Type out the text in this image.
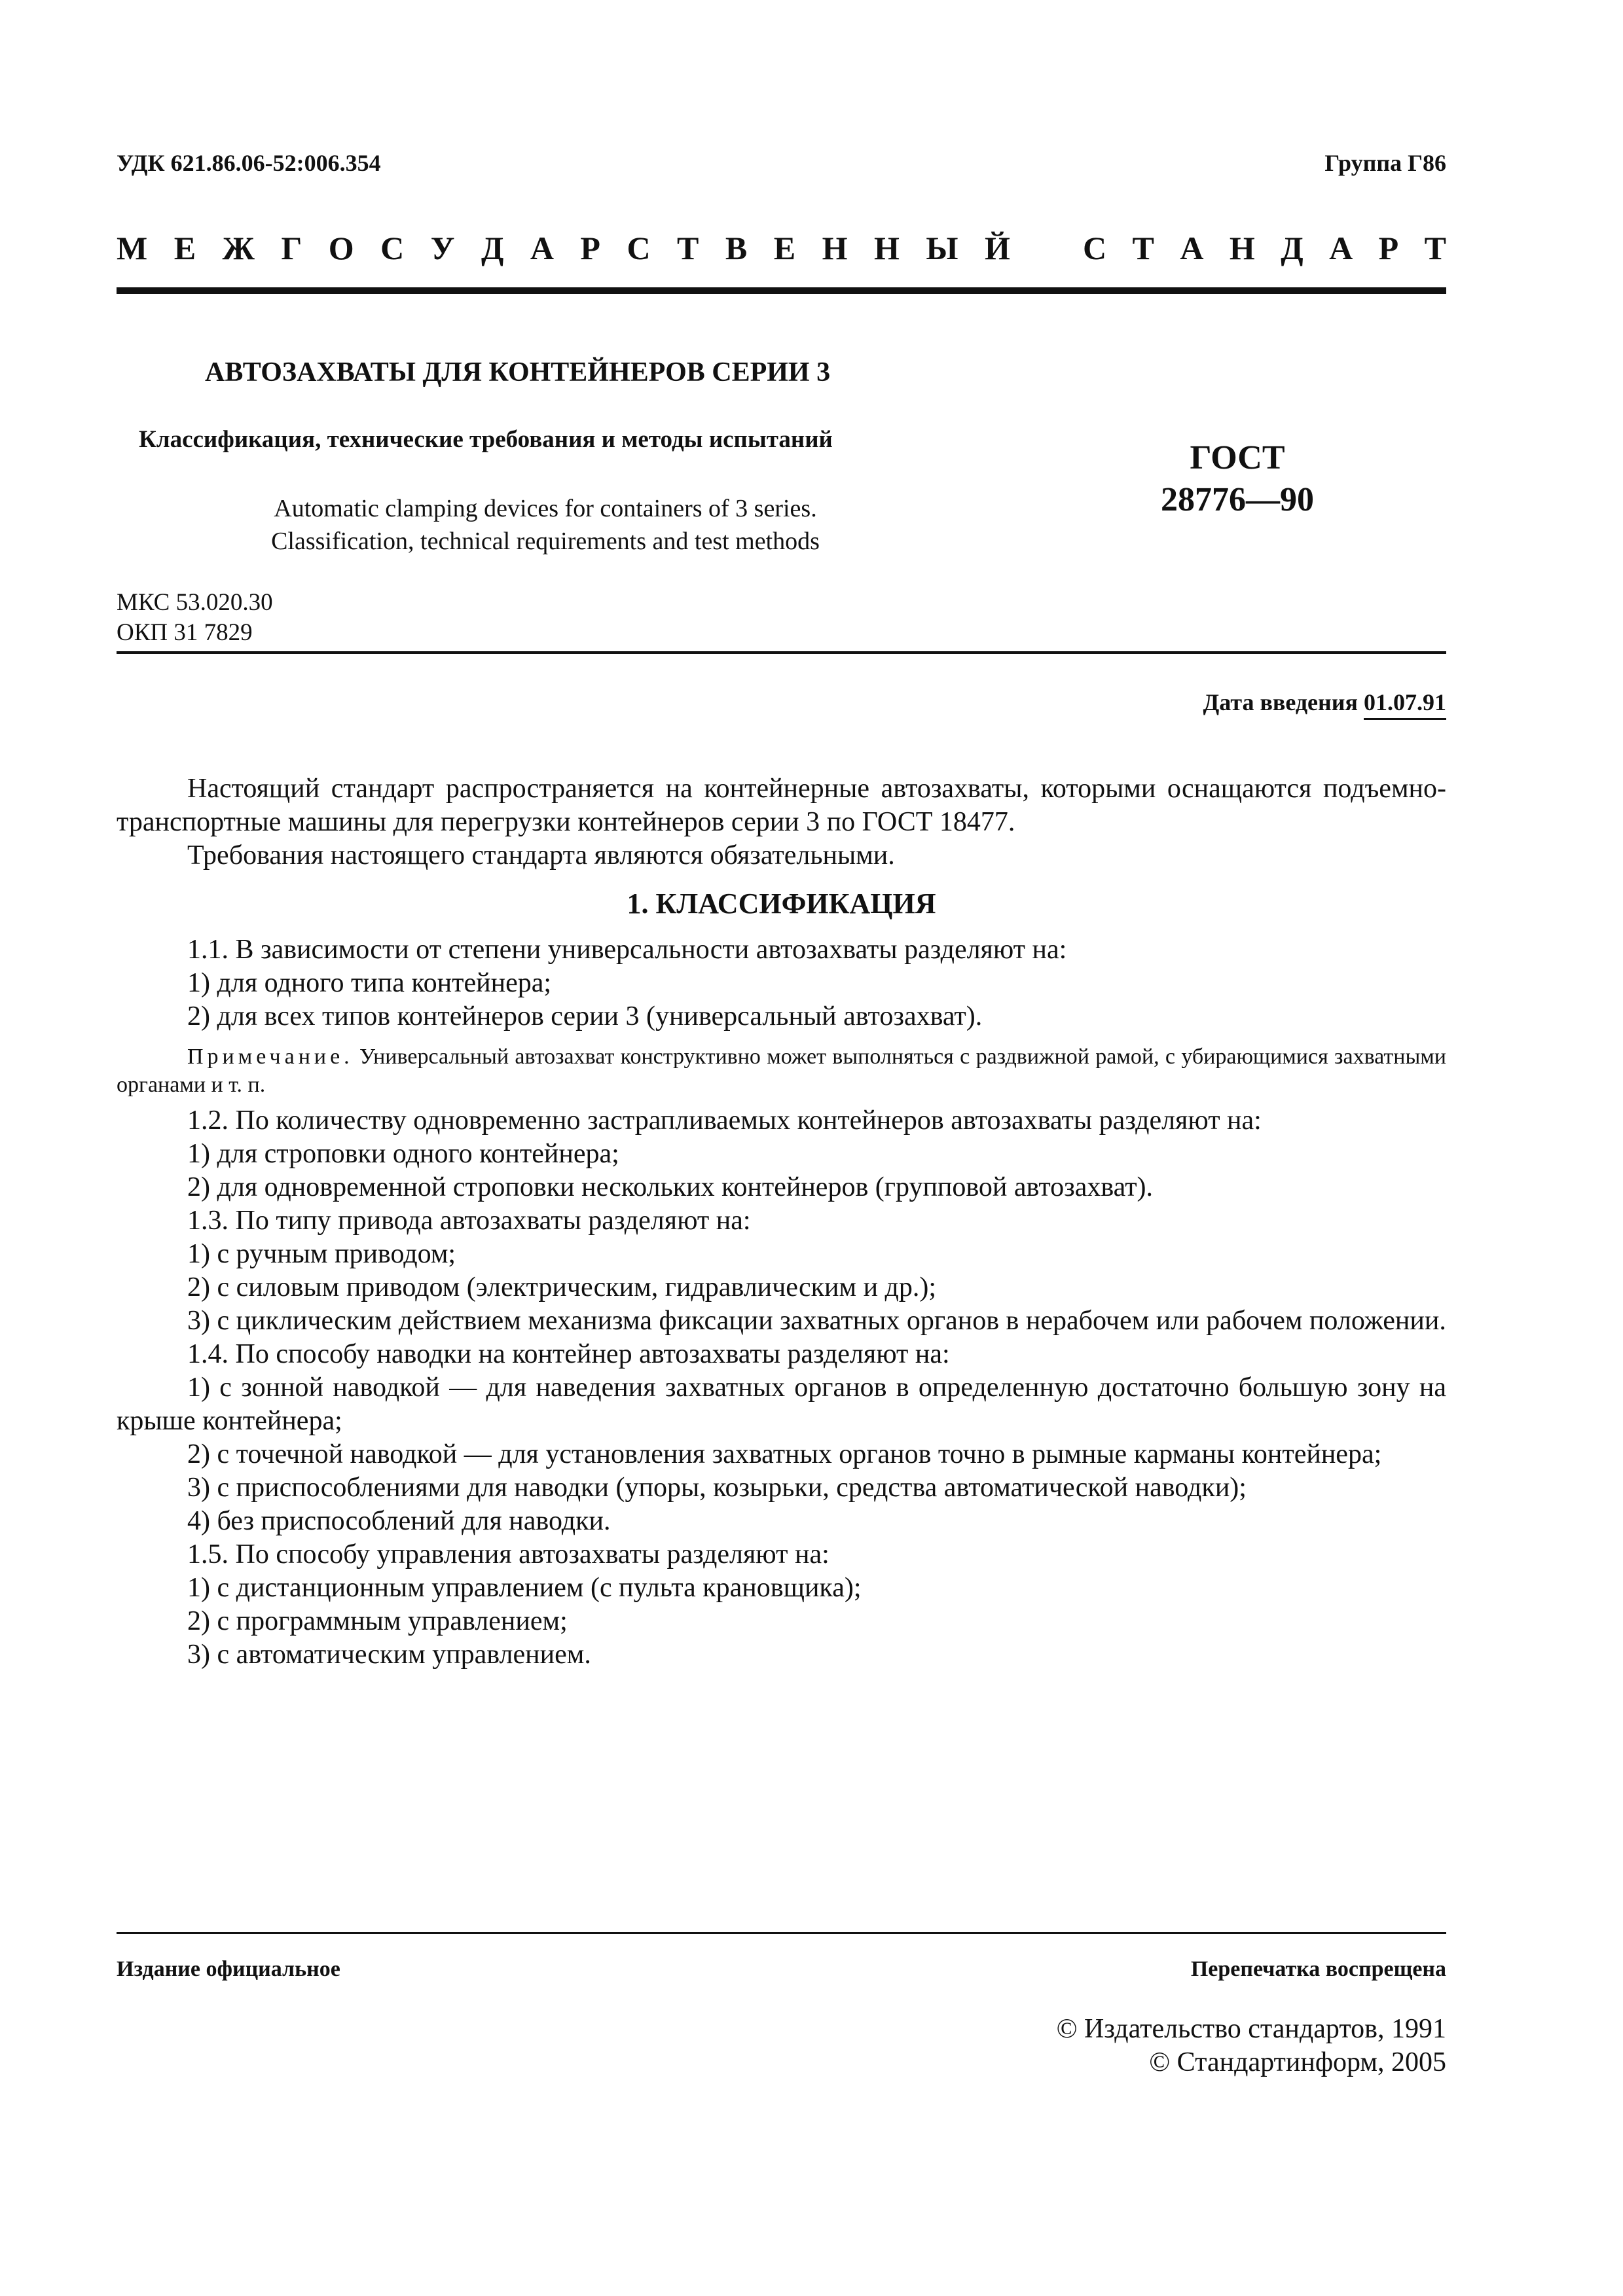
УДК 621.86.06-52:006.354	Группа Г86
М Е Ж Г О С У Д А Р С Т В Е Н Н Ы Й С Т А Н Д А Р Т
АВТОЗАХВАТЫ ДЛЯ КОНТЕЙНЕРОВ СЕРИИ 3
Классификация, технические требования и методы испытаний
Automatic clamping devices for containers of 3 series.
Classification, technical requirements and test methods
ГОСТ
28776—90
МКС 53.020.30
ОКП 31 7829
Дата введения 01.07.91

Настоящий стандарт распространяется на контейнерные автозахваты, которыми оснащаются подъемно-транспортные машины для перегрузки контейнеров серии 3 по ГОСТ 18477.

Требования настоящего стандарта являются обязательными.

1. КЛАССИФИКАЦИЯ

1.1. В зависимости от степени универсальности автозахваты разделяют на:

1) для одного типа контейнера;

2) для всех типов контейнеров серии 3 (универсальный автозахват).

Примечание. Универсальный автозахват конструктивно может выполняться с раздвижной рамой, с убирающимися захватными органами и т. п.

1.2. По количеству одновременно застрапливаемых контейнеров автозахваты разделяют на:

1) для строповки одного контейнера;

2) для одновременной строповки нескольких контейнеров (групповой автозахват).

1.3. По типу привода автозахваты разделяют на:

1) с ручным приводом;

2) с силовым приводом (электрическим, гидравлическим и др.);

3) с циклическим действием механизма фиксации захватных органов в нерабочем или рабочем положении.

1.4. По способу наводки на контейнер автозахваты разделяют на:

1) с зонной наводкой — для наведения захватных органов в определенную достаточно большую зону на крыше контейнера;

2) с точечной наводкой — для установления захватных органов точно в рымные карманы контейнера;

3) с приспособлениями для наводки (упоры, козырьки, средства автоматической наводки);

4) без приспособлений для наводки.

1.5. По способу управления автозахваты разделяют на:

1) с дистанционным управлением (с пульта крановщика);

2) с программным управлением;

3) с автоматическим управлением.

Издание официальное	Перепечатка воспрещена
© Издательство стандартов, 1991
© Стандартинформ, 2005
